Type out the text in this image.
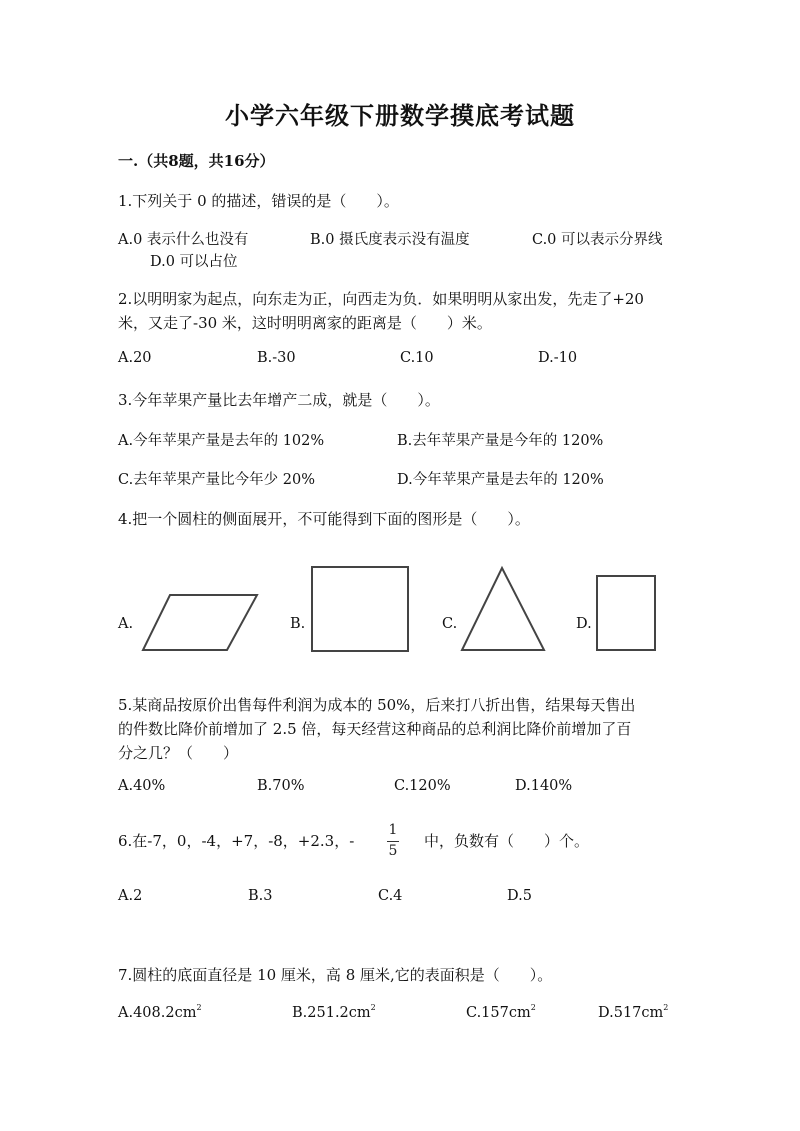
小学六年级下册数学摸底考试题
一.（共8题，共16分）
1.下列关于 0 的描述，错误的是（　　）。
A.0 表示什么也没有	B.0 摄氏度表示没有温度	C.0 可以表示分界线
D.0 可以占位
2.以明明家为起点，向东走为正，向西走为负．如果明明从家出发，先走了+20
米，又走了-30 米，这时明明离家的距离是（　　）米。
A.20	B.-30	C.10	D.-10
3.今年苹果产量比去年增产二成，就是（　　）。
A.今年苹果产量是去年的 102%	B.去年苹果产量是今年的 120%
C.去年苹果产量比今年少 20%	D.今年苹果产量是去年的 120%
4.把一个圆柱的侧面展开，不可能得到下面的图形是（　　）。
A.	B.	C.	D.
5.某商品按原价出售每件利润为成本的 50%，后来打八折出售，结果每天售出
的件数比降价前增加了 2.5 倍，每天经营这种商品的总利润比降价前增加了百
分之几？（　　）
A.40%	B.70%	C.120%	D.140%
6.在-7，0，-4，+7，-8，+2.3，-
1
5
中，负数有（　　）个。
A.2	B.3	C.4	D.5
7.圆柱的底面直径是 10 厘米，高 8 厘米,它的表面积是（　　）。
$A.408.2cm^2$	$B.251.2cm^2$	$C.157cm^2$	$D.517cm^2$
